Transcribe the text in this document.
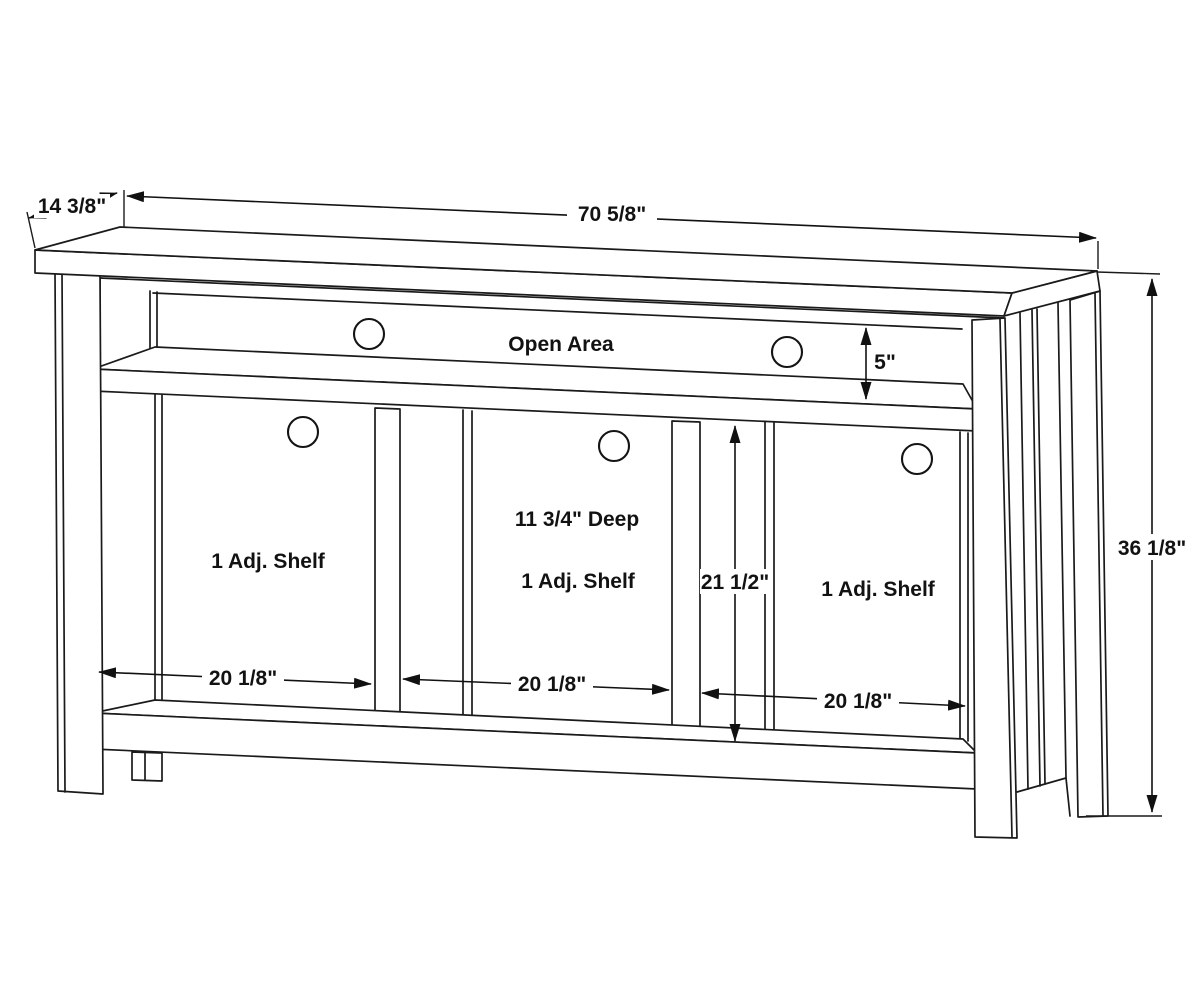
14 3/8"	70 5/8"
5"
21 1/2"
36 1/8"
20 1/8"	20 1/8"
20 1/8"
Open Area
1 Adj. Shelf
11 3/4" Deep
1 Adj. Shelf	1 Adj. Shelf
